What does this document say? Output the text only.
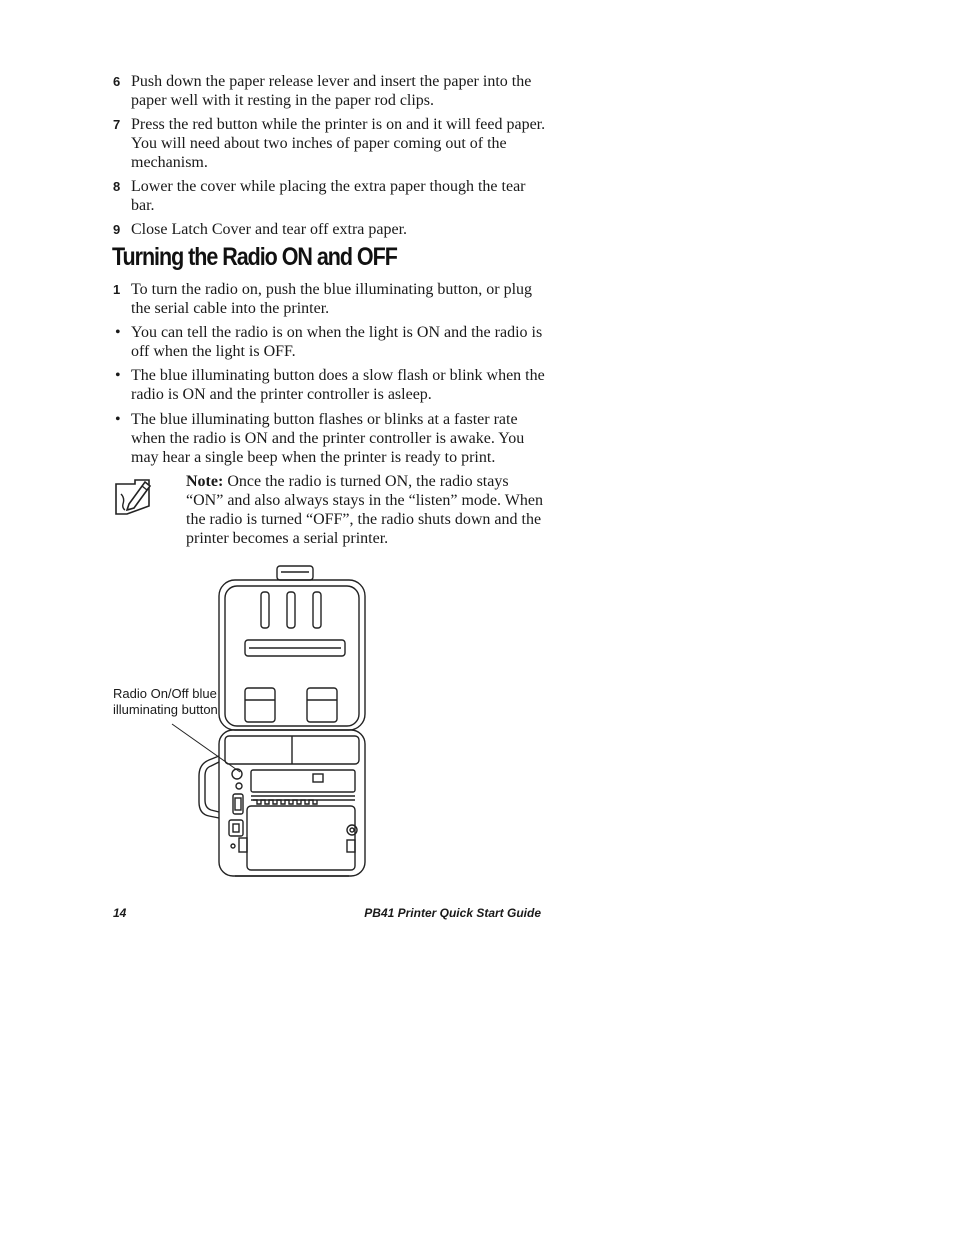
6 Push down the paper release lever and insert the paper into the paper well with it resting in the paper rod clips.
7 Press the red button while the printer is on and it will feed paper. You will need about two inches of paper coming out of the mechanism.
8 Lower the cover while placing the extra paper though the tear bar.
9 Close Latch Cover and tear off extra paper.
Turning the Radio ON and OFF
1 To turn the radio on, push the blue illuminating button, or plug the serial cable into the printer.
• You can tell the radio is on when the light is ON and the radio is off when the light is OFF.
• The blue illuminating button does a slow flash or blink when the radio is ON and the printer controller is asleep.
• The blue illuminating button flashes or blinks at a faster rate when the radio is ON and the printer controller is awake. You may hear a single beep when the printer is ready to print.
Note: Once the radio is turned ON, the radio stays “ON” and also always stays in the “listen” mode. When the radio is turned “OFF”, the radio shuts down and the printer becomes a serial printer.
Radio On/Off blue illuminating button
14	PB41 Printer Quick Start Guide
